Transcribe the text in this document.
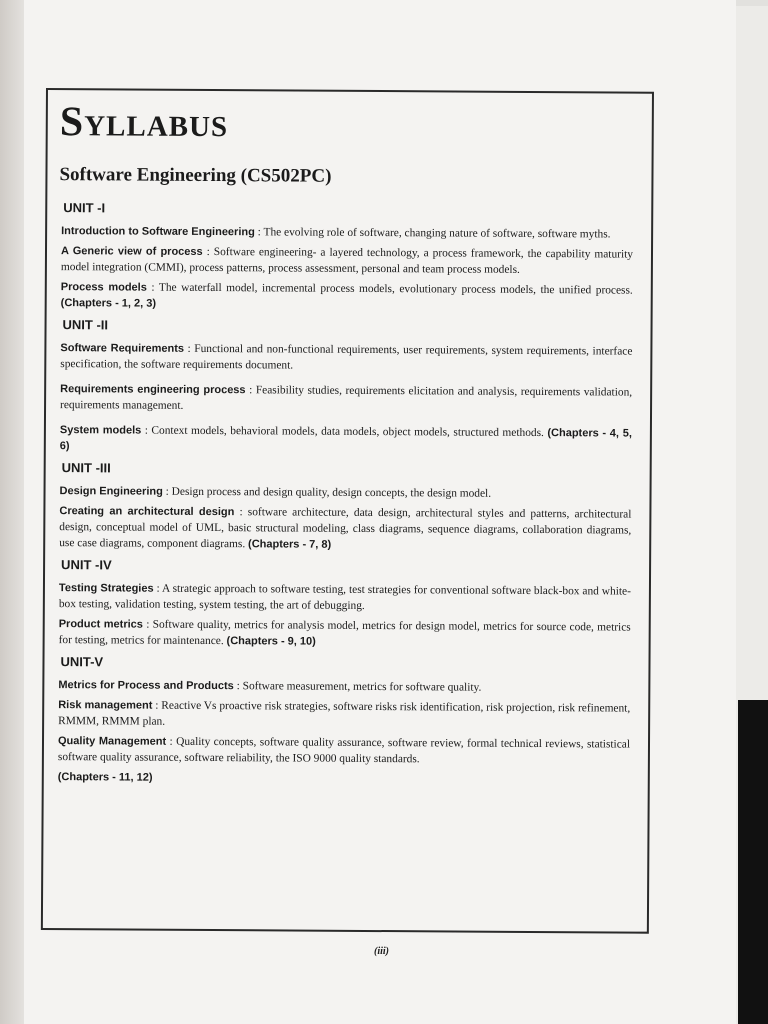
Syllabus
Software Engineering (CS502PC)
UNIT -I

Introduction to Software Engineering : The evolving role of software, changing nature of software, software myths.

A Generic view of process : Software engineering- a layered technology, a process framework, the capability maturity model integration (CMMI), process patterns, process assessment, personal and team process models.

Process models : The waterfall model, incremental process models, evolutionary process models, the unified process. (Chapters - 1, 2, 3)

UNIT -II

Software Requirements : Functional and non-functional requirements, user requirements, system requirements, interface specification, the software requirements document.

Requirements engineering process : Feasibility studies, requirements elicitation and analysis, requirements validation, requirements management.

System models : Context models, behavioral models, data models, object models, structured methods. (Chapters - 4, 5, 6)

UNIT -III

Design Engineering : Design process and design quality, design concepts, the design model.

Creating an architectural design : software architecture, data design, architectural styles and patterns, architectural design, conceptual model of UML, basic structural modeling, class diagrams, sequence diagrams, collaboration diagrams, use case diagrams, component diagrams. (Chapters - 7, 8)

UNIT -IV

Testing Strategies : A strategic approach to software testing, test strategies for conventional software black-box and white-box testing, validation testing, system testing, the art of debugging.

Product metrics : Software quality, metrics for analysis model, metrics for design model, metrics for source code, metrics for testing, metrics for maintenance. (Chapters - 9, 10)

UNIT-V

Metrics for Process and Products : Software measurement, metrics for software quality.

Risk management : Reactive Vs proactive risk strategies, software risks risk identification, risk projection, risk refinement, RMMM, RMMM plan.

Quality Management : Quality concepts, software quality assurance, software review, formal technical reviews, statistical software quality assurance, software reliability, the ISO 9000 quality standards.

(Chapters - 11, 12)

(iii)
